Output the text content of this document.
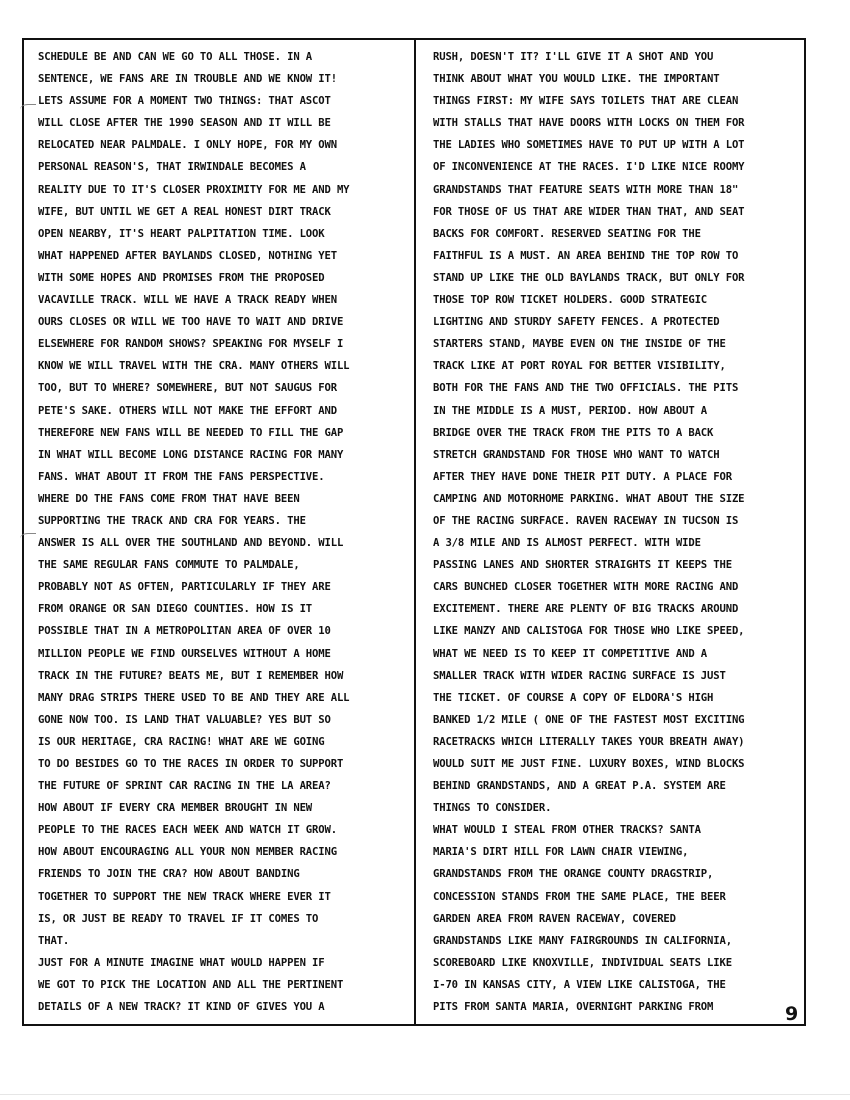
SCHEDULE BE AND CAN WE GO TO ALL THOSE. IN A
SENTENCE, WE FANS ARE IN TROUBLE AND WE KNOW IT!
LETS ASSUME FOR A MOMENT TWO THINGS: THAT ASCOT
WILL CLOSE AFTER THE 1990 SEASON AND IT WILL BE
RELOCATED NEAR PALMDALE. I ONLY HOPE, FOR MY OWN
PERSONAL REASON'S, THAT IRWINDALE BECOMES A
REALITY DUE TO IT'S CLOSER PROXIMITY FOR ME AND MY
WIFE, BUT UNTIL WE GET A REAL HONEST DIRT TRACK
OPEN NEARBY, IT'S HEART PALPITATION TIME. LOOK
WHAT HAPPENED AFTER BAYLANDS CLOSED, NOTHING YET
WITH SOME HOPES AND PROMISES FROM THE PROPOSED
VACAVILLE TRACK. WILL WE HAVE A TRACK READY WHEN
OURS CLOSES OR WILL WE TOO HAVE TO WAIT AND DRIVE
ELSEWHERE FOR RANDOM SHOWS? SPEAKING FOR MYSELF I
KNOW WE WILL TRAVEL WITH THE CRA. MANY OTHERS WILL
TOO, BUT TO WHERE? SOMEWHERE, BUT NOT SAUGUS FOR
PETE'S SAKE. OTHERS WILL NOT MAKE THE EFFORT AND
THEREFORE NEW FANS WILL BE NEEDED TO FILL THE GAP
IN WHAT WILL BECOME LONG DISTANCE RACING FOR MANY
FANS. WHAT ABOUT IT FROM THE FANS PERSPECTIVE.
WHERE DO THE FANS COME FROM THAT HAVE BEEN
SUPPORTING THE TRACK AND CRA FOR YEARS. THE
ANSWER IS ALL OVER THE SOUTHLAND AND BEYOND. WILL
THE SAME REGULAR FANS COMMUTE TO PALMDALE,
PROBABLY NOT AS OFTEN, PARTICULARLY IF THEY ARE
FROM ORANGE OR SAN DIEGO COUNTIES. HOW IS IT
POSSIBLE THAT IN A METROPOLITAN AREA OF OVER 10
MILLION PEOPLE WE FIND OURSELVES WITHOUT A HOME
TRACK IN THE FUTURE? BEATS ME, BUT I REMEMBER HOW
MANY DRAG STRIPS THERE USED TO BE AND THEY ARE ALL
GONE NOW TOO. IS LAND THAT VALUABLE? YES BUT SO
IS OUR HERITAGE, CRA RACING! WHAT ARE WE GOING
TO DO BESIDES GO TO THE RACES IN ORDER TO SUPPORT
THE FUTURE OF SPRINT CAR RACING IN THE LA AREA?
HOW ABOUT IF EVERY CRA MEMBER BROUGHT IN NEW
PEOPLE TO THE RACES EACH WEEK AND WATCH IT GROW.
HOW ABOUT ENCOURAGING ALL YOUR NON MEMBER RACING
FRIENDS TO JOIN THE CRA? HOW ABOUT BANDING
TOGETHER TO SUPPORT THE NEW TRACK WHERE EVER IT
IS, OR JUST BE READY TO TRAVEL IF IT COMES TO
THAT.
JUST FOR A MINUTE IMAGINE WHAT WOULD HAPPEN IF
WE GOT TO PICK THE LOCATION AND ALL THE PERTINENT
DETAILS OF A NEW TRACK? IT KIND OF GIVES YOU A
RUSH, DOESN'T IT? I'LL GIVE IT A SHOT AND YOU
THINK ABOUT WHAT YOU WOULD LIKE. THE IMPORTANT
THINGS FIRST: MY WIFE SAYS TOILETS THAT ARE CLEAN
WITH STALLS THAT HAVE DOORS WITH LOCKS ON THEM FOR
THE LADIES WHO SOMETIMES HAVE TO PUT UP WITH A LOT
OF INCONVENIENCE AT THE RACES. I'D LIKE NICE ROOMY
GRANDSTANDS THAT FEATURE SEATS WITH MORE THAN 18"
FOR THOSE OF US THAT ARE WIDER THAN THAT, AND SEAT
BACKS FOR COMFORT. RESERVED SEATING FOR THE
FAITHFUL IS A MUST. AN AREA BEHIND THE TOP ROW TO
STAND UP LIKE THE OLD BAYLANDS TRACK, BUT ONLY FOR
THOSE TOP ROW TICKET HOLDERS. GOOD STRATEGIC
LIGHTING AND STURDY SAFETY FENCES. A PROTECTED
STARTERS STAND, MAYBE EVEN ON THE INSIDE OF THE
TRACK LIKE AT PORT ROYAL FOR BETTER VISIBILITY,
BOTH FOR THE FANS AND THE TWO OFFICIALS. THE PITS
IN THE MIDDLE IS A MUST, PERIOD. HOW ABOUT A
BRIDGE OVER THE TRACK FROM THE PITS TO A BACK
STRETCH GRANDSTAND FOR THOSE WHO WANT TO WATCH
AFTER THEY HAVE DONE THEIR PIT DUTY. A PLACE FOR
CAMPING AND MOTORHOME PARKING. WHAT ABOUT THE SIZE
OF THE RACING SURFACE. RAVEN RACEWAY IN TUCSON IS
A 3/8 MILE AND IS ALMOST PERFECT. WITH WIDE
PASSING LANES AND SHORTER STRAIGHTS IT KEEPS THE
CARS BUNCHED CLOSER TOGETHER WITH MORE RACING AND
EXCITEMENT. THERE ARE PLENTY OF BIG TRACKS AROUND
LIKE MANZY AND CALISTOGA FOR THOSE WHO LIKE SPEED,
WHAT WE NEED IS TO KEEP IT COMPETITIVE AND A
SMALLER TRACK WITH WIDER RACING SURFACE IS JUST
THE TICKET. OF COURSE A COPY OF ELDORA'S HIGH
BANKED 1/2 MILE ( ONE OF THE FASTEST MOST EXCITING
RACETRACKS WHICH LITERALLY TAKES YOUR BREATH AWAY)
WOULD SUIT ME JUST FINE. LUXURY BOXES, WIND BLOCKS
BEHIND GRANDSTANDS, AND A GREAT P.A. SYSTEM ARE
THINGS TO CONSIDER.
WHAT WOULD I STEAL FROM OTHER TRACKS? SANTA
MARIA'S DIRT HILL FOR LAWN CHAIR VIEWING,
GRANDSTANDS FROM THE ORANGE COUNTY DRAGSTRIP,
CONCESSION STANDS FROM THE SAME PLACE, THE BEER
GARDEN AREA FROM RAVEN RACEWAY, COVERED
GRANDSTANDS LIKE MANY FAIRGROUNDS IN CALIFORNIA,
SCOREBOARD LIKE KNOXVILLE, INDIVIDUAL SEATS LIKE
I-70 IN KANSAS CITY, A VIEW LIKE CALISTOGA, THE
PITS FROM SANTA MARIA, OVERNIGHT PARKING FROM	9
